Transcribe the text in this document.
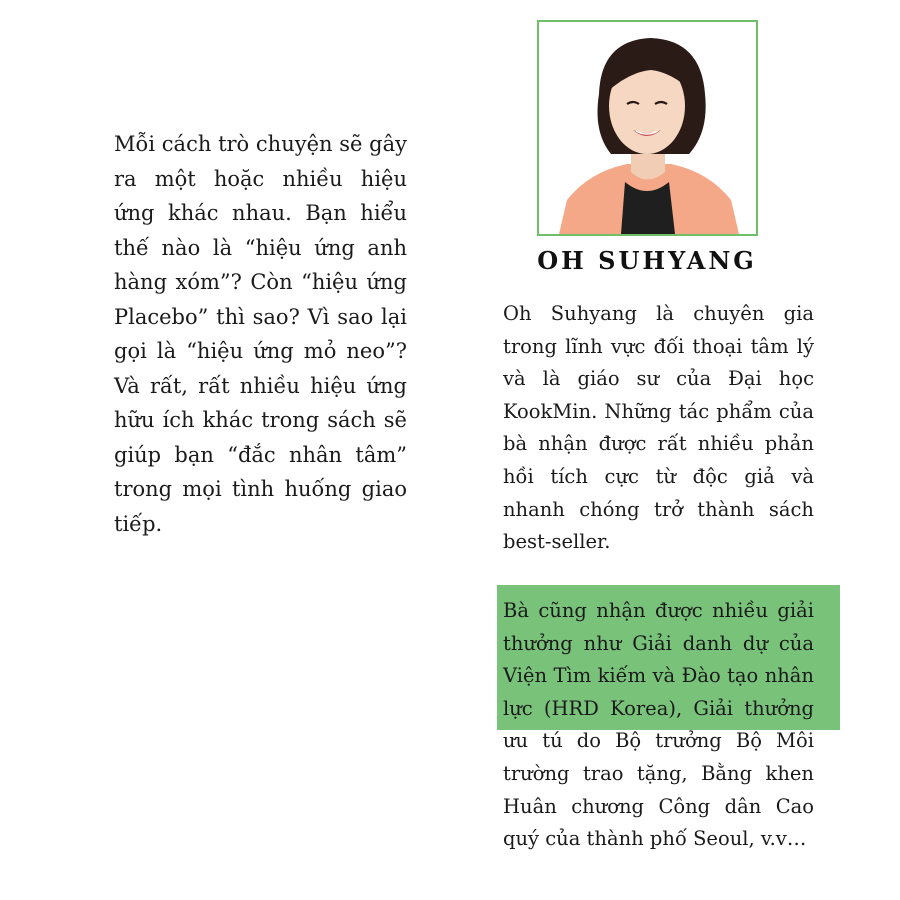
Mỗi cách trò chuyện sẽ gây ra một hoặc nhiều hiệu ứng khác nhau. Bạn hiểu thế nào là “hiệu ứng anh hàng xóm”? Còn “hiệu ứng Placebo” thì sao? Vì sao lại gọi là “hiệu ứng mỏ neo”? Và rất, rất nhiều hiệu ứng hữu ích khác trong sách sẽ giúp bạn “đắc nhân tâm” trong mọi tình huống giao tiếp.
OH SUHYANG
Oh Suhyang là chuyên gia trong lĩnh vực đối thoại tâm lý và là giáo sư của Đại học KookMin. Những tác phẩm của bà nhận được rất nhiều phản hồi tích cực từ độc giả và nhanh chóng trở thành sách best-seller.
Bà cũng nhận được nhiều giải thưởng như Giải danh dự của Viện Tìm kiếm và Đào tạo nhân lực (HRD Korea), Giải thưởng ưu tú do Bộ trưởng Bộ Môi trường trao tặng, Bằng khen Huân chương Công dân Cao quý của thành phố Seoul, v.v…
